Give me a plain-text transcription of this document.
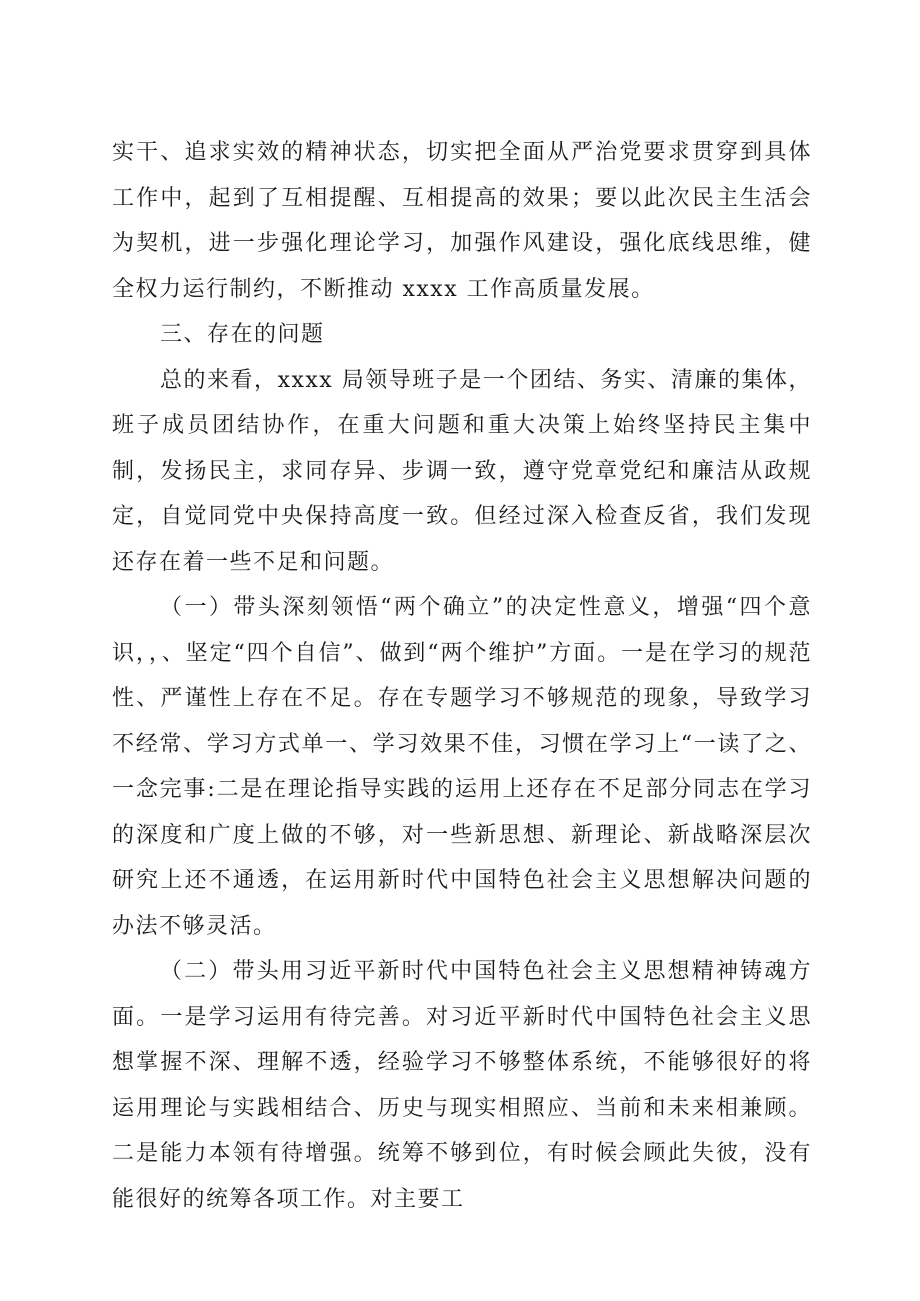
实干、追求实效的精神状态，切实把全面从严治党要求贯穿到具体工作中，起到了互相提醒、互相提高的效果；要以此次民主生活会为契机，进一步强化理论学习，加强作风建设，强化底线思维，健全权力运行制约，不断推动 xxxx 工作高质量发展。

三、存在的问题

总的来看，xxxx 局领导班子是一个团结、务实、清廉的集体，班子成员团结协作，在重大问题和重大决策上始终坚持民主集中制，发扬民主，求同存异、步调一致，遵守党章党纪和廉洁从政规定，自觉同党中央保持高度一致。但经过深入检查反省，我们发现还存在着一些不足和问题。

（一）带头深刻领悟“两个确立”的决定性意义，增强“四个意识，，、坚定“四个自信”、做到“两个维护”方面。一是在学习的规范性、严谨性上存在不足。存在专题学习不够规范的现象，导致学习不经常、学习方式单一、学习效果不佳，习惯在学习上“一读了之、一念完事:二是在理论指导实践的运用上还存在不足部分同志在学习的深度和广度上做的不够，对一些新思想、新理论、新战略深层次研究上还不通透，在运用新时代中国特色社会主义思想解决问题的办法不够灵活。

（二）带头用习近平新时代中国特色社会主义思想精神铸魂方面。一是学习运用有待完善。对习近平新时代中国特色社会主义思想掌握不深、理解不透，经验学习不够整体系统，不能够很好的将运用理论与实践相结合、历史与现实相照应、当前和未来相兼顾。二是能力本领有待增强。统筹不够到位，有时候会顾此失彼，没有能很好的统筹各项工作。对主要工
